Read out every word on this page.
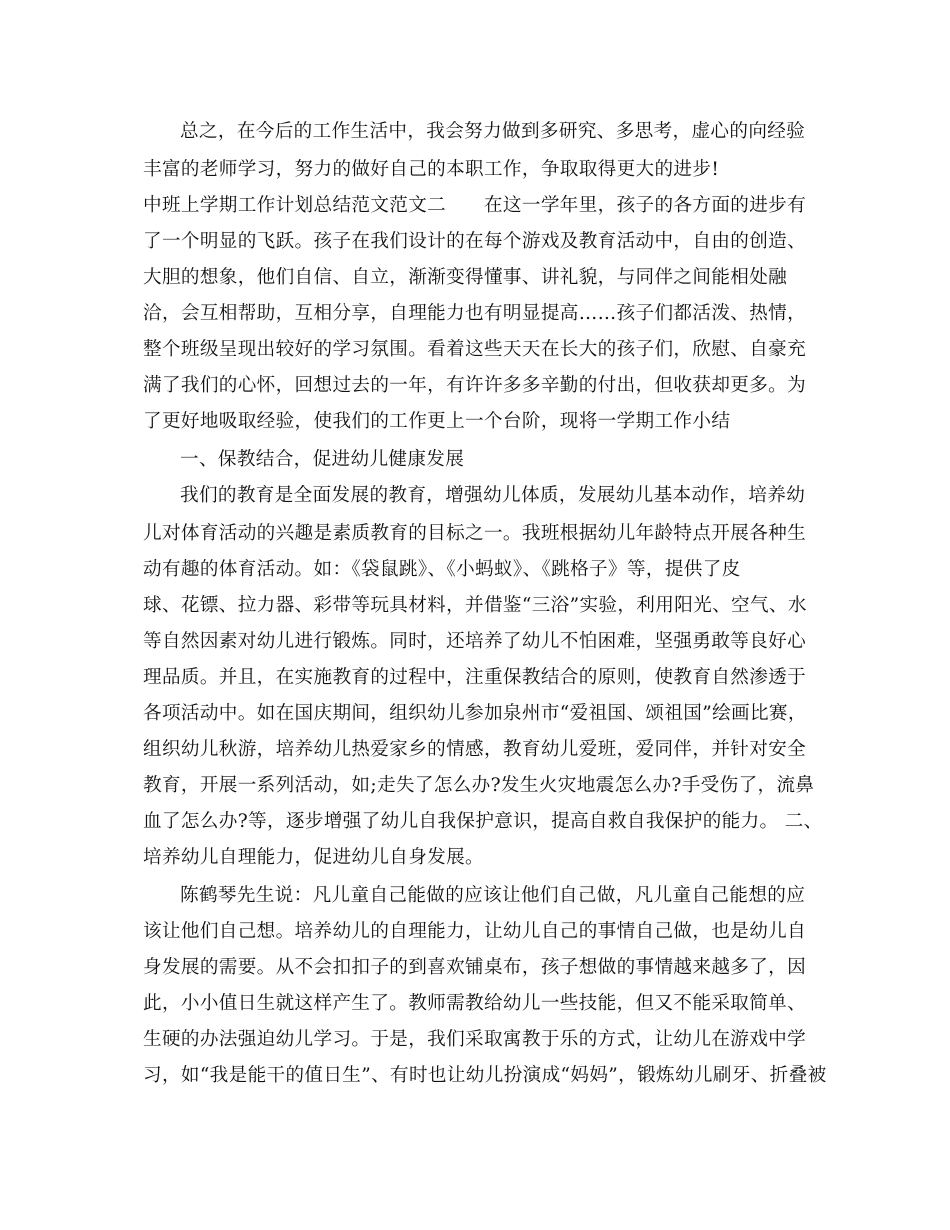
总之，在今后的工作生活中，我会努力做到多研究、多思考，虚心的向经验
丰富的老师学习，努力的做好自己的本职工作，争取取得更大的进步!
中班上学期工作计划总结范文范文二　　在这一学年里，孩子的各方面的进步有
了一个明显的飞跃。孩子在我们设计的在每个游戏及教育活动中，自由的创造、
大胆的想象，他们自信、自立，渐渐变得懂事、讲礼貌，与同伴之间能相处融
洽，会互相帮助，互相分享，自理能力也有明显提高……孩子们都活泼、热情，
整个班级呈现出较好的学习氛围。看着这些天天在长大的孩子们，欣慰、自豪充
满了我们的心怀，回想过去的一年，有许许多多辛勤的付出，但收获却更多。为
了更好地吸取经验，使我们的工作更上一个台阶，现将一学期工作小结
一、保教结合，促进幼儿健康发展
我们的教育是全面发展的教育，增强幼儿体质，发展幼儿基本动作，培养幼
儿对体育活动的兴趣是素质教育的目标之一。我班根据幼儿年龄特点开展各种生
动有趣的体育活动。如：《袋鼠跳》、《小蚂蚁》、《跳格子》等，提供了皮
球、花镖、拉力器、彩带等玩具材料，并借鉴“三浴”实验，利用阳光、空气、水
等自然因素对幼儿进行锻炼。同时，还培养了幼儿不怕困难，坚强勇敢等良好心
理品质。并且，在实施教育的过程中，注重保教结合的原则，使教育自然渗透于
各项活动中。如在国庆期间，组织幼儿参加泉州市“爱祖国、颂祖国”绘画比赛，
组织幼儿秋游，培养幼儿热爱家乡的情感，教育幼儿爱班，爱同伴，并针对安全
教育，开展一系列活动，如;走失了怎么办?发生火灾地震怎么办?手受伤了，流鼻
血了怎么办?等，逐步增强了幼儿自我保护意识，提高自救自我保护的能力。 二、
培养幼儿自理能力，促进幼儿自身发展。
陈鹤琴先生说：凡儿童自己能做的应该让他们自己做，凡儿童自己能想的应
该让他们自己想。培养幼儿的自理能力，让幼儿自己的事情自己做，也是幼儿自
身发展的需要。从不会扣扣子的到喜欢铺桌布，孩子想做的事情越来越多了，因
此，小小值日生就这样产生了。教师需教给幼儿一些技能，但又不能采取简单、
生硬的办法强迫幼儿学习。于是，我们采取寓教于乐的方式，让幼儿在游戏中学
习，如“我是能干的值日生”、有时也让幼儿扮演成“妈妈”，锻炼幼儿刷牙、折叠被
